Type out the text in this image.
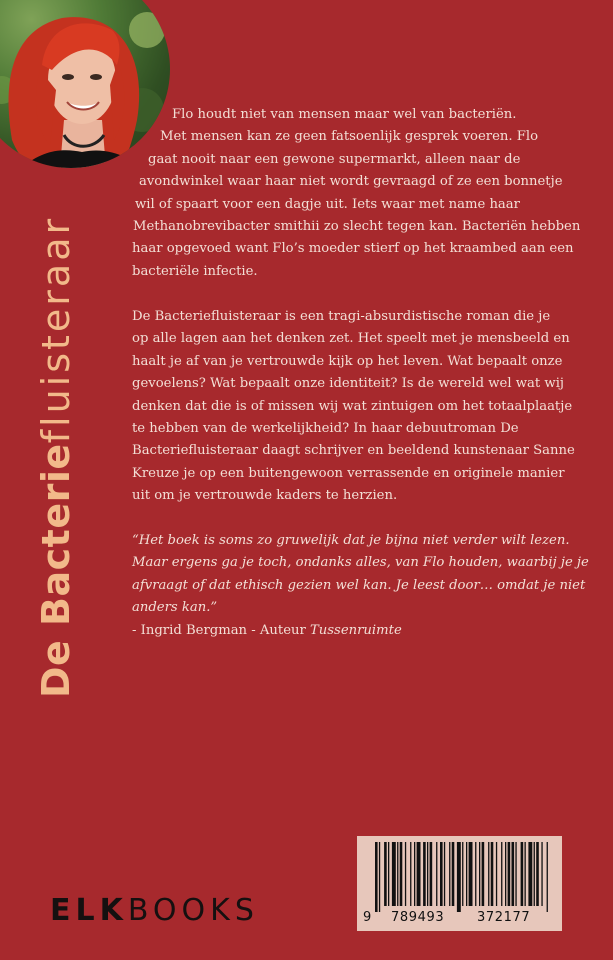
De Bacteriefluisteraar
Flo houdt niet van mensen maar wel van bacteriën.
Met mensen kan ze geen fatsoenlijk gesprek voeren. Flo
gaat nooit naar een gewone supermarkt, alleen naar de
avondwinkel waar haar niet wordt gevraagd of ze een bonnetje
wil of spaart voor een dagje uit. Iets waar met name haar
Methanobrevibacter smithii zo slecht tegen kan. Bacteriën hebben
haar opgevoed want Flo’s moeder stierf op het kraambed aan een
bacteriële infectie.
De Bacteriefluisteraar is een tragi-absurdistische roman die je
op alle lagen aan het denken zet. Het speelt met je mensbeeld en
haalt je af van je vertrouwde kijk op het leven. Wat bepaalt onze
gevoelens? Wat bepaalt onze identiteit? Is de wereld wel wat wij
denken dat die is of missen wij wat zintuigen om het totaalplaatje
te hebben van de werkelijkheid? In haar debuutroman De
Bacteriefluisteraar daagt schrijver en beeldend kunstenaar Sanne
Kreuze je op een buitengewoon verrassende en originele manier
uit om je vertrouwde kaders te herzien.
“Het boek is soms zo gruwelijk dat je bijna niet verder wilt lezen.
Maar ergens ga je toch, ondanks alles, van Flo houden, waarbij je je
afvraagt of dat ethisch gezien wel kan. Je leest door… omdat je niet
anders kan.”
- Ingrid Bergman - Auteur Tussenruimte
ELKBOOKS	9 789493	372177
